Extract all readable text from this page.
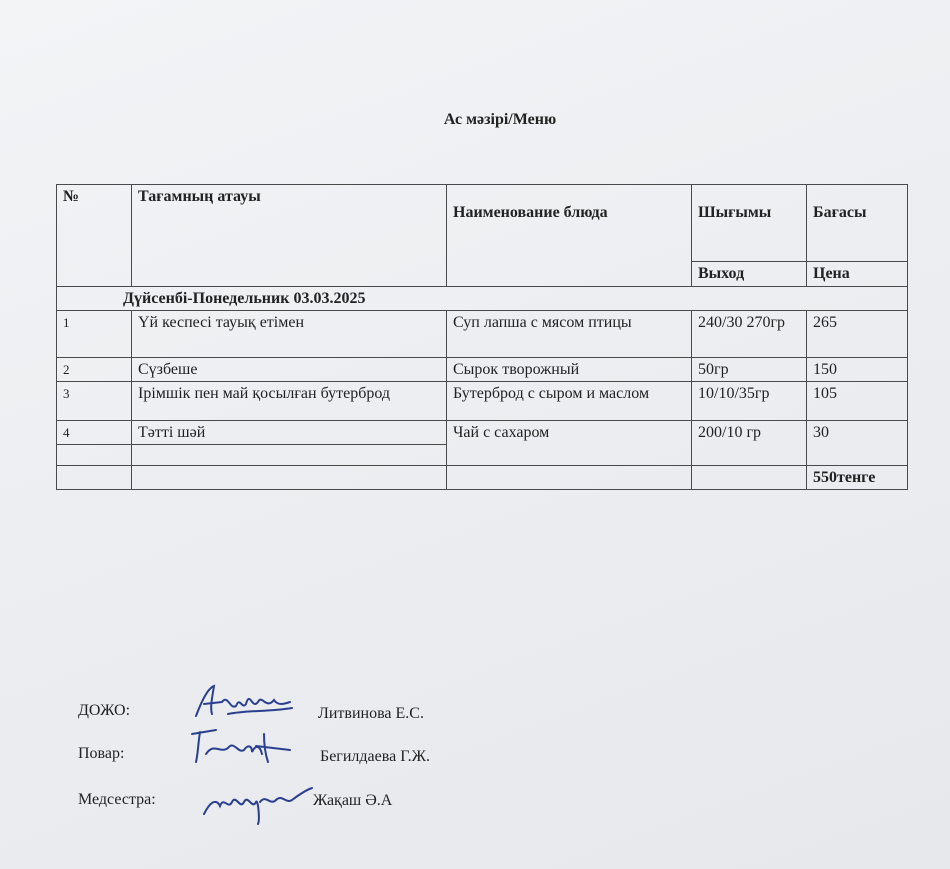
Ас мәзірі/Меню
№	Тағамның атауы	Наименование блюда	Шығымы	Бағасы
			Выход	Цена
Дүйсенбі-Понедельник 03.03.2025				
1	Үй кеспесі тауық етімен	Суп лапша с мясом птицы	240/30 270гр	265
2	Сүзбеше	Сырок творожный	50гр	150
3	Ірімшік пен май қосылған бутерброд	Бутерброд с сыром и маслом	10/10/35гр	105
4	Тәтті шәй	Чай с сахаром	200/10 гр	30

				550тенге
ДОЖО:	Литвинова Е.С.
Повар:	Бегилдаева Г.Ж.
Медсестра:	Жақаш Ә.А
